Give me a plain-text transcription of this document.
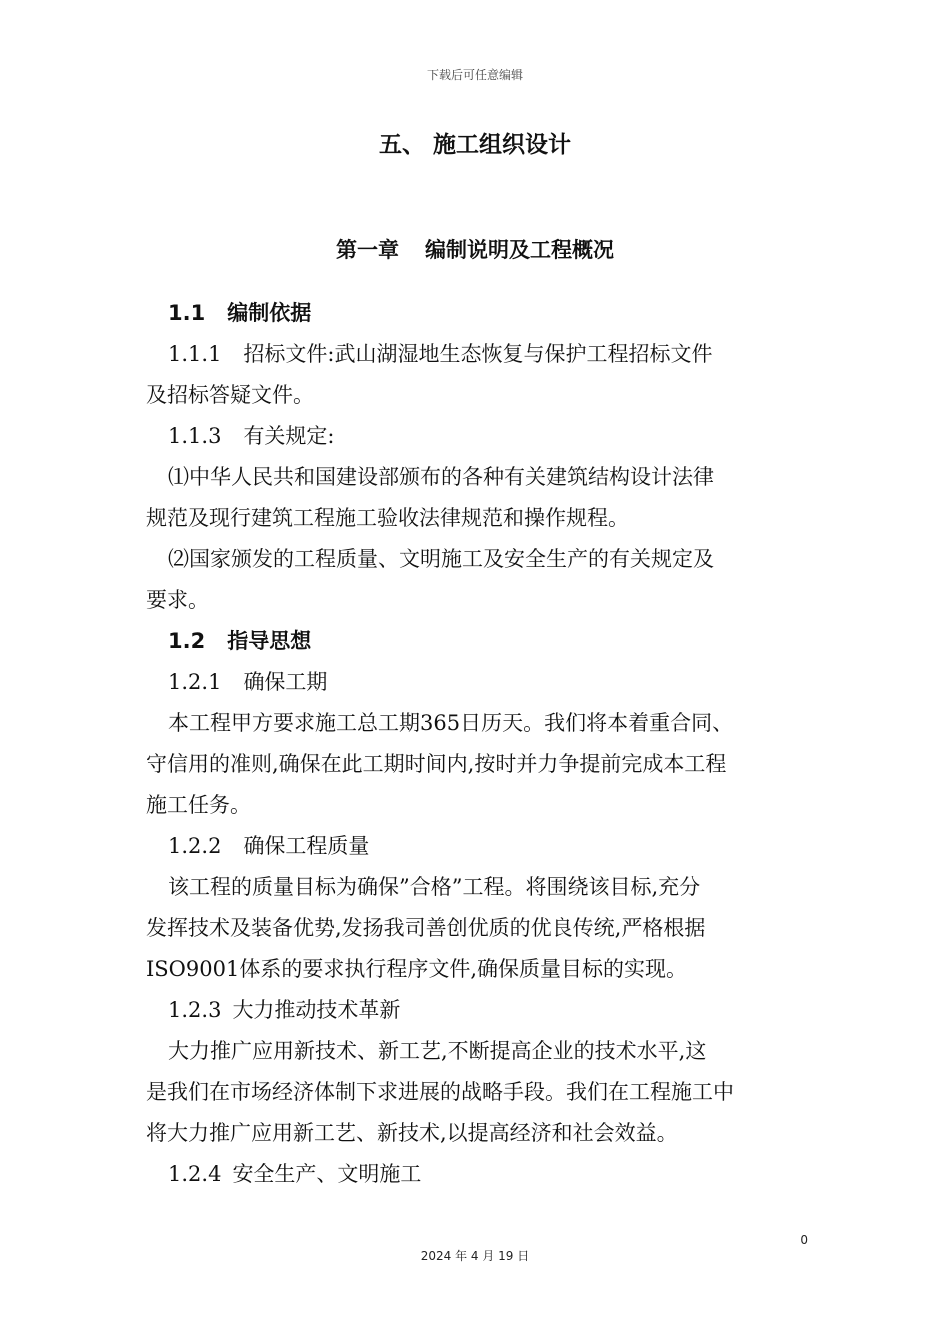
下载后可任意编辑
五、 施工组织设计
第一章 编制说明及工程概况
1.1 编制依据
1.1.1 招标文件:武山湖湿地生态恢复与保护工程招标文件
及招标答疑文件。
1.1.3 有关规定:
⑴中华人民共和国建设部颁布的各种有关建筑结构设计法律
规范及现行建筑工程施工验收法律规范和操作规程。
⑵国家颁发的工程质量、文明施工及安全生产的有关规定及
要求。
1.2 指导思想
1.2.1 确保工期
本工程甲方要求施工总工期365日历天。我们将本着重合同、
守信用的准则,确保在此工期时间内,按时并力争提前完成本工程
施工任务。
1.2.2 确保工程质量
该工程的质量目标为确保”合格”工程。将围绕该目标,充分
发挥技术及装备优势,发扬我司善创优质的优良传统,严格根据
ISO9001体系的要求执行程序文件,确保质量目标的实现。
1.2.3 大力推动技术革新
大力推广应用新技术、新工艺,不断提高企业的技术水平,这
是我们在市场经济体制下求进展的战略手段。我们在工程施工中
将大力推广应用新工艺、新技术,以提高经济和社会效益。
1.2.4 安全生产、文明施工
0
2024 年 4 月 19 日
